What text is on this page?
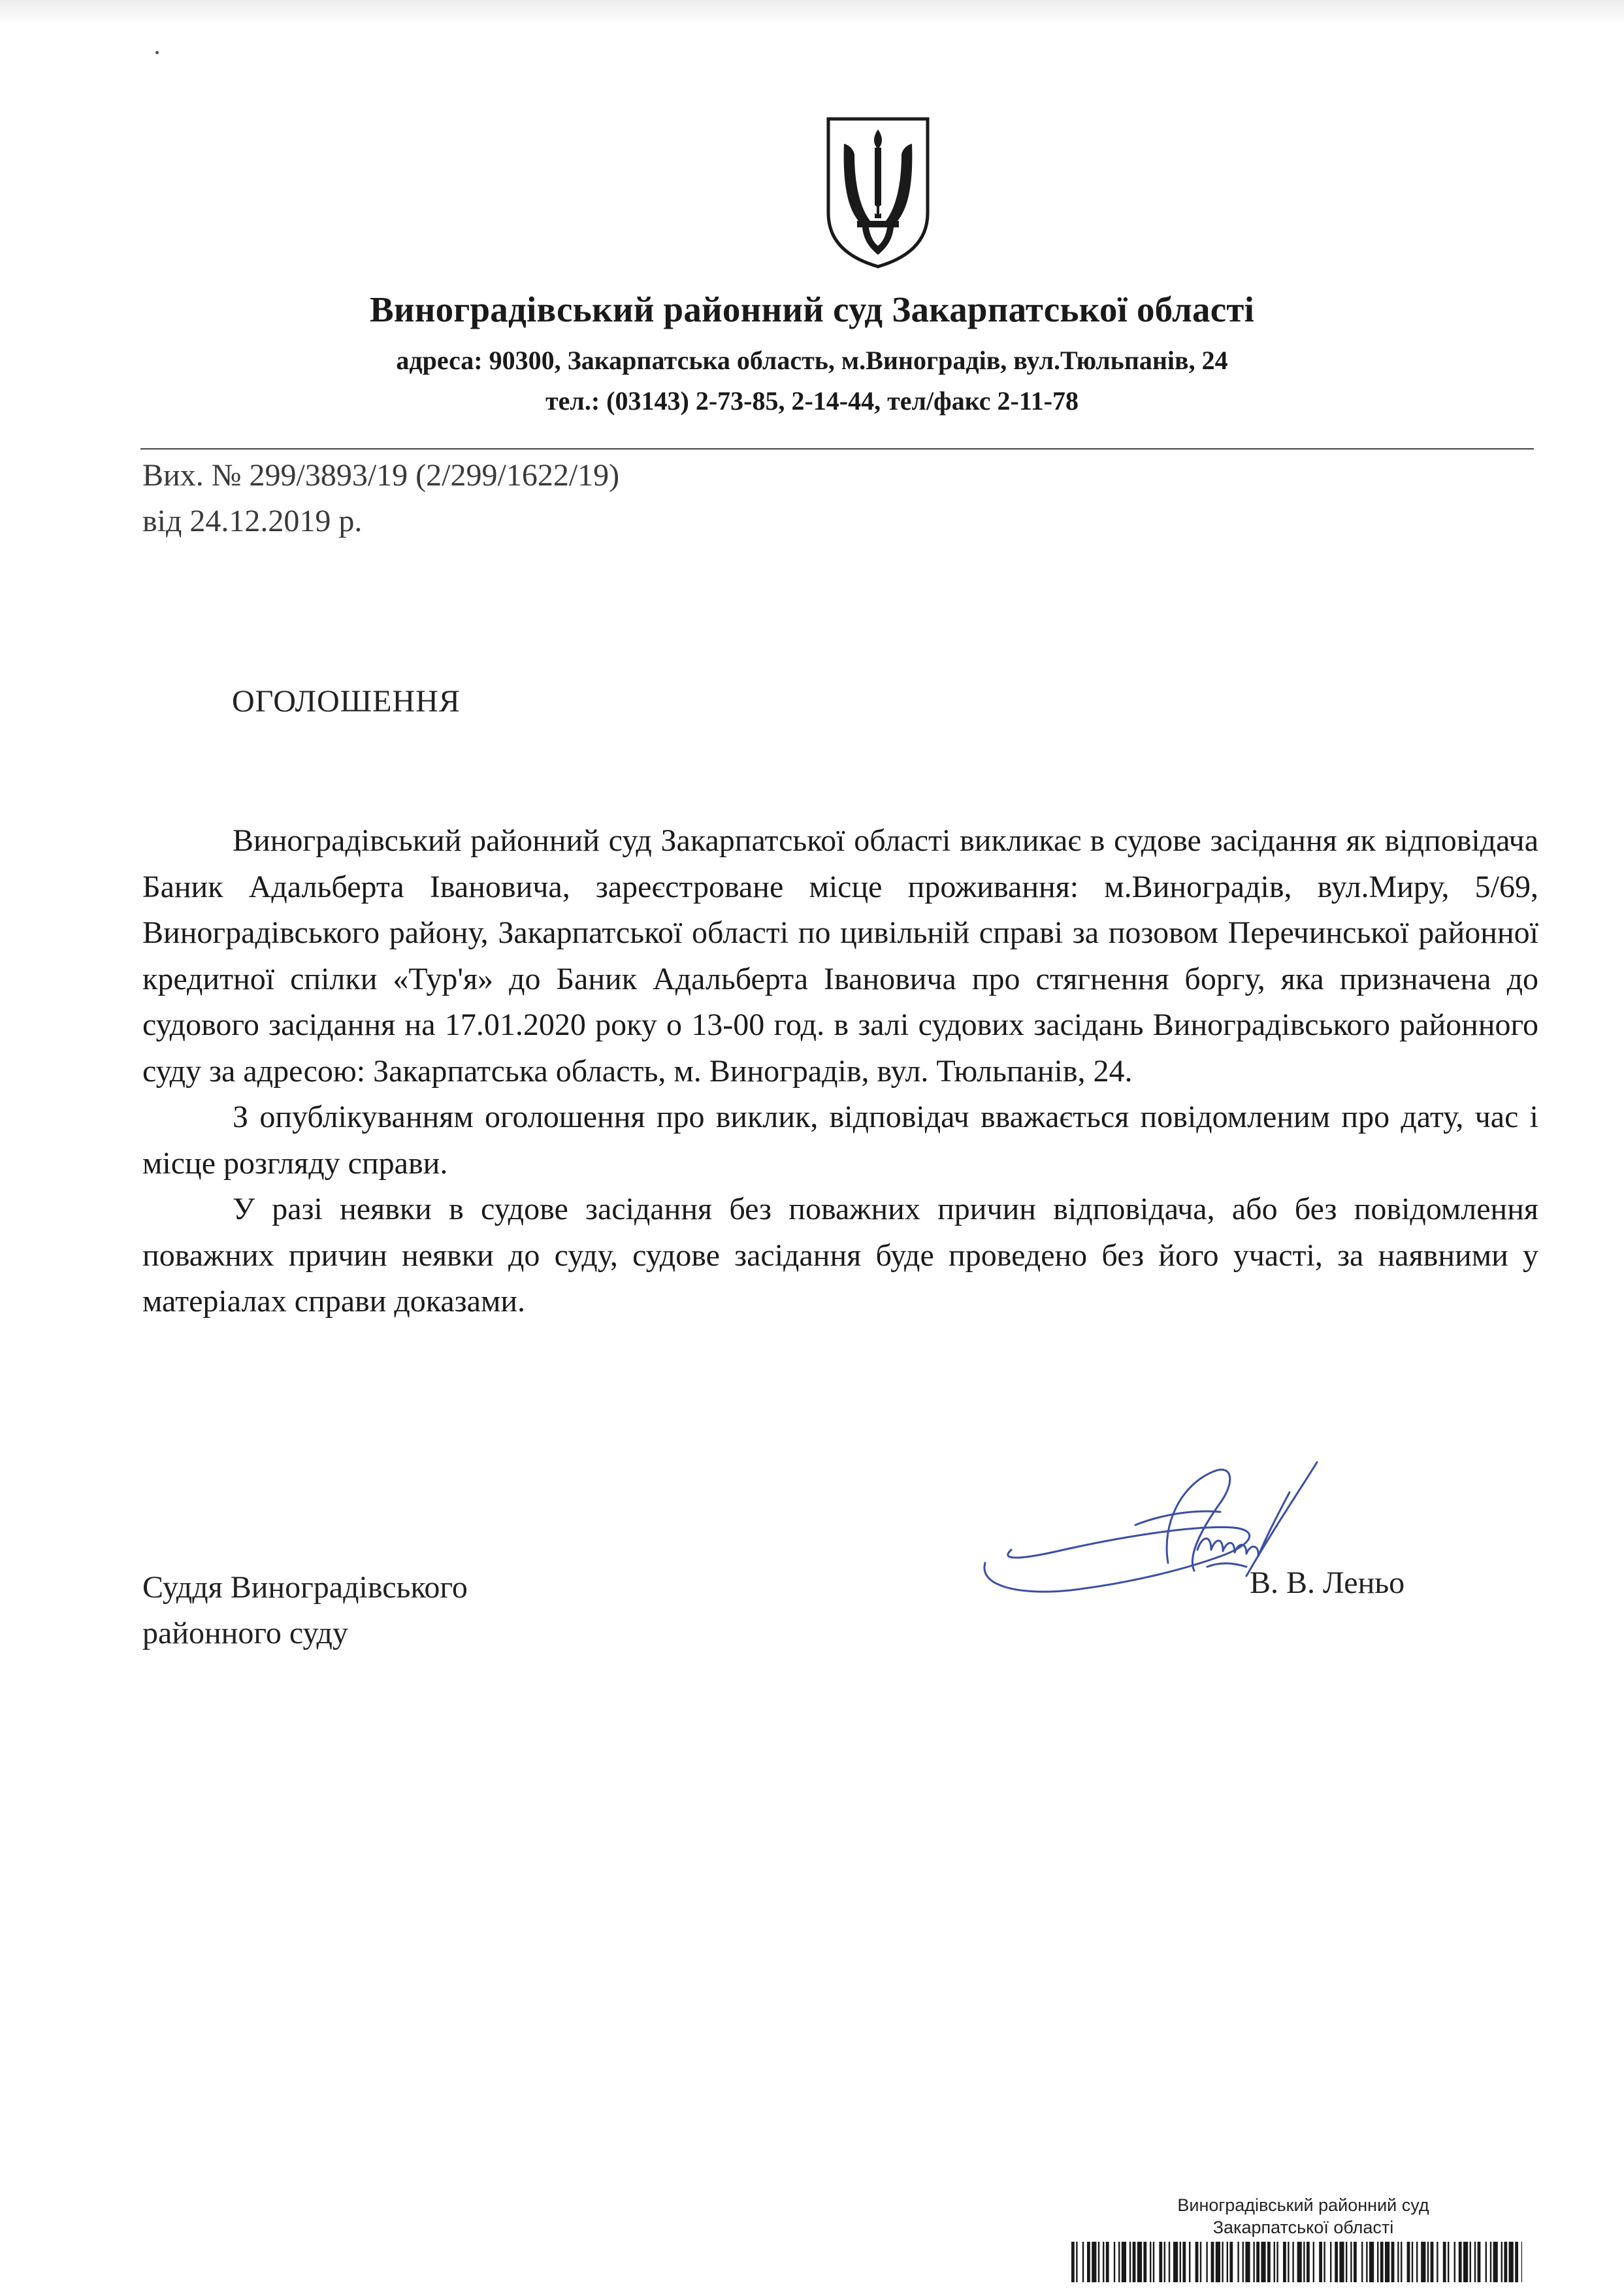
Виноградівський районний суд Закарпатської області
адреса: 90300, Закарпатська область, м.Виноградів, вул.Тюльпанів, 24
тел.: (03143) 2-73-85, 2-14-44, тел/факс 2-11-78
Вих. № 299/3893/19 (2/299/1622/19)
від 24.12.2019 р.
ОГОЛОШЕННЯ

Виноградівський районний суд Закарпатської області викликає в судове засідання як відповідача Баник Адальберта Івановича, зареєстроване місце проживання: м.Виноградів, вул.Миру, 5/69, Виноградівського району, Закарпатської області по цивільній справі за позовом Перечинської районної кредитної спілки «Тур'я» до Баник Адальберта Івановича про стягнення боргу, яка призначена до судового засідання на 17.01.2020 року о 13-00 год. в залі судових засідань Виноградівського районного суду за адресою: Закарпатська область, м. Виноградів, вул. Тюльпанів, 24.

З опублікуванням оголошення про виклик, відповідач вважається повідомленим про дату, час і місце розгляду справи.

У разі неявки в судове засідання без поважних причин відповідача, або без повідомлення поважних причин неявки до суду, судове засідання буде проведено без його участі, за наявними у матеріалах справи доказами.

Суддя Виноградівського
районного суду
В. В. Леньо
Виноградівський районний суд
Закарпатської області
